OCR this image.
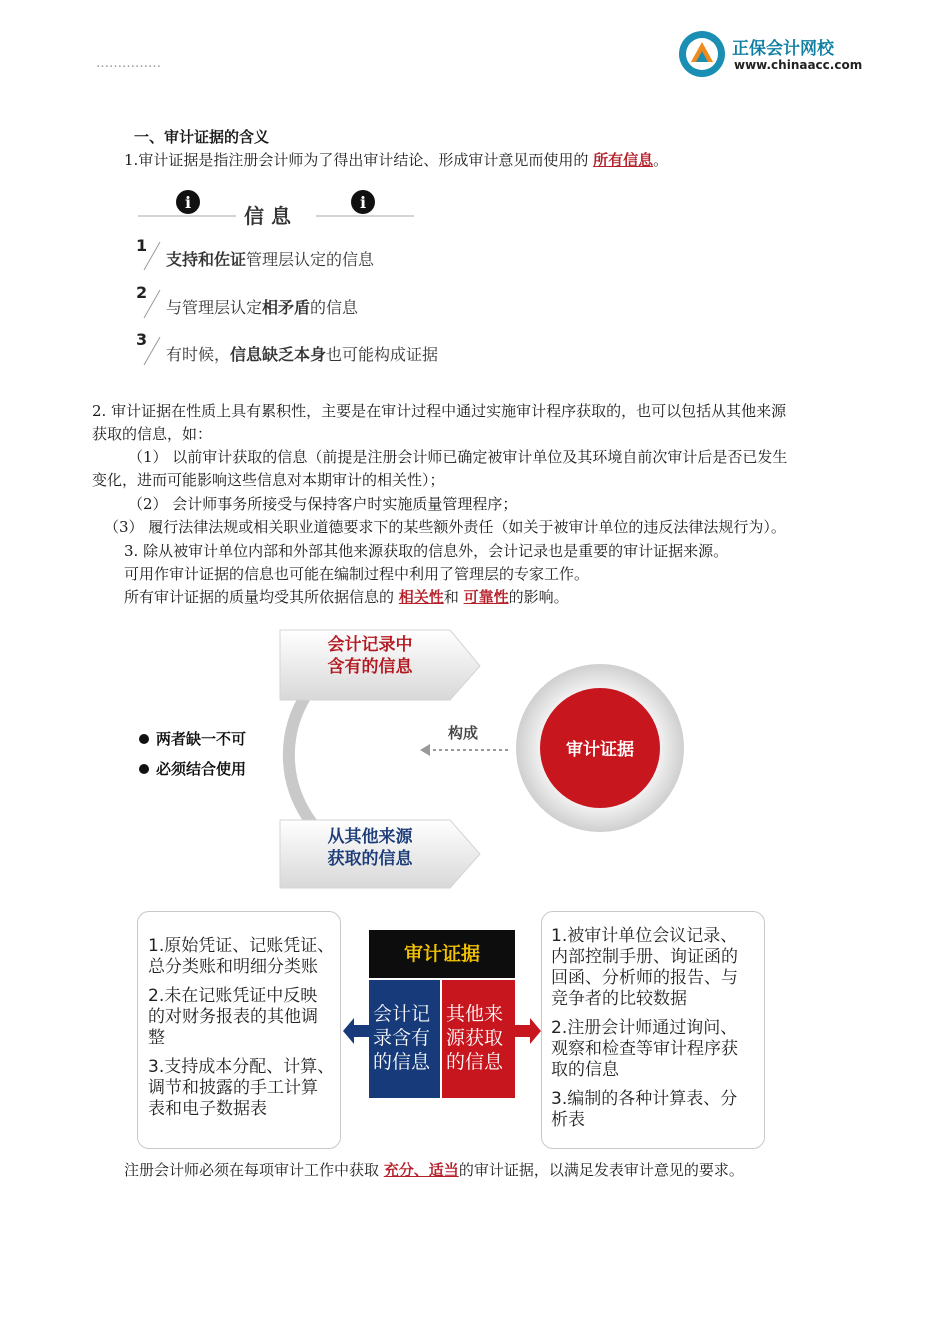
……………
正保会计网校
www.chinaacc.com
一、审计证据的含义
1.审计证据是指注册会计师为了得出审计结论、形成审计意见而使用的 所有信息。
i	i
信 息
1
支持和佐证管理层认定的信息
2
与管理层认定相矛盾的信息
3
有时候，信息缺乏本身也可能构成证据
2. 审计证据在性质上具有累积性，主要是在审计过程中通过实施审计程序获取的，也可以包括从其他来源
获取的信息，如：
（1） 以前审计获取的信息（前提是注册会计师已确定被审计单位及其环境自前次审计后是否已发生
变化，进而可能影响这些信息对本期审计的相关性）；
（2） 会计师事务所接受与保持客户时实施质量管理程序；
（3） 履行法律法规或相关职业道德要求下的某些额外责任（如关于被审计单位的违反法律法规行为）。
3. 除从被审计单位内部和外部其他来源获取的信息外，会计记录也是重要的审计证据来源。
可用作审计证据的信息也可能在编制过程中利用了管理层的专家工作。
所有审计证据的质量均受其所依据信息的 相关性和 可靠性的影响。
会计记录中
含有的信息
从其他来源
获取的信息
两者缺一不可
必须结合使用
构成
审计证据
1.原始凭证、记账凭证、
总分类账和明细分类账
2.未在记账凭证中反映
的对财务报表的其他调
整
3.支持成本分配、计算、
调节和披露的手工计算
表和电子数据表
1.被审计单位会议记录、
内部控制手册、询证函的
回函、分析师的报告、与
竞争者的比较数据
2.注册会计师通过询问、
观察和检查等审计程序获
取的信息
3.编制的各种计算表、分
析表
审计证据
会计记
录含有
的信息
其他来
源获取
的信息
注册会计师必须在每项审计工作中获取 充分、适当的审计证据，以满足发表审计意见的要求。
